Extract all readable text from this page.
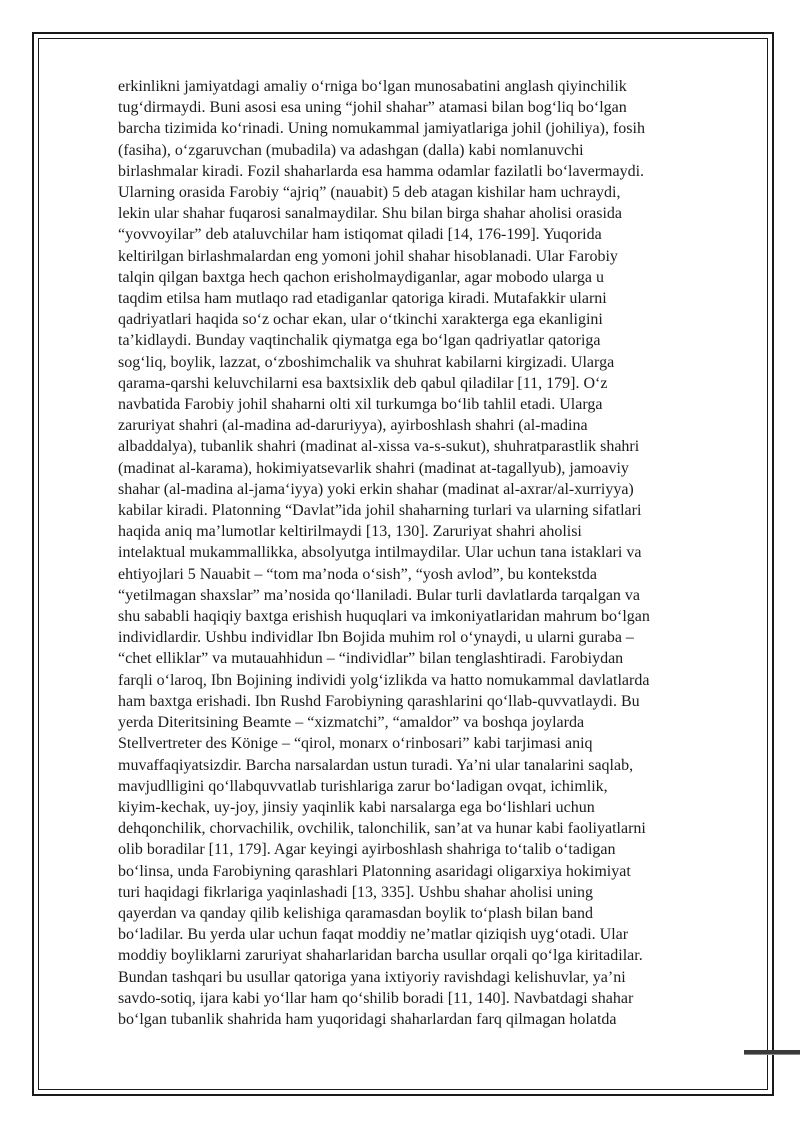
erkinlikni jamiyatdagi amaliy o‘rniga bo‘lgan munosabatini anglash qiyinchilik
tug‘dirmaydi. Buni asosi esa uning “johil shahar” atamasi bilan bog‘liq bo‘lgan
barcha tizimida ko‘rinadi. Uning nomukammal jamiyatlariga johil (johiliya), fosih
(fasiha), o‘zgaruvchan (mubadila) va adashgan (dalla) kabi nomlanuvchi
birlashmalar kiradi. Fozil shaharlarda esa hamma odamlar fazilatli bo‘lavermaydi.
Ularning orasida Farobiy “ajriq” (nauabit) 5 deb atagan kishilar ham uchraydi,
lekin ular shahar fuqarosi sanalmaydilar. Shu bilan birga shahar aholisi orasida
“yovvoyilar” deb ataluvchilar ham istiqomat qiladi [14, 176-199]. Yuqorida
keltirilgan birlashmalardan eng yomoni johil shahar hisoblanadi. Ular Farobiy
talqin qilgan baxtga hech qachon erisholmaydiganlar, agar mobodo ularga u
taqdim etilsa ham mutlaqo rad etadiganlar qatoriga kiradi. Mutafakkir ularni
qadriyatlari haqida so‘z ochar ekan, ular o‘tkinchi xarakterga ega ekanligini
ta’kidlaydi. Bunday vaqtinchalik qiymatga ega bo‘lgan qadriyatlar qatoriga
sog‘liq, boylik, lazzat, o‘zboshimchalik va shuhrat kabilarni kirgizadi. Ularga
qarama-qarshi keluvchilarni esa baxtsixlik deb qabul qiladilar [11, 179]. O‘z
navbatida Farobiy johil shaharni olti xil turkumga bo‘lib tahlil etadi. Ularga
zaruriyat shahri (al-madina ad-daruriyya), ayirboshlash shahri (al-madina
albaddalya), tubanlik shahri (madinat al-xissa va-s-sukut), shuhratparastlik shahri
(madinat al-karama), hokimiyatsevarlik shahri (madinat at-tagallyub), jamoaviy
shahar (al-madina al-jama‘iyya) yoki erkin shahar (madinat al-axrar/al-xurriyya)
kabilar kiradi. Platonning “Davlat”ida johil shaharning turlari va ularning sifatlari
haqida aniq ma’lumotlar keltirilmaydi [13, 130]. Zaruriyat shahri aholisi
intelaktual mukammallikka, absolyutga intilmaydilar. Ular uchun tana istaklari va
ehtiyojlari 5 Nauabit – “tom ma’noda o‘sish”, “yosh avlod”, bu kontekstda
“yetilmagan shaxslar” ma’nosida qo‘llaniladi. Bular turli davlatlarda tarqalgan va
shu sababli haqiqiy baxtga erishish huquqlari va imkoniyatlaridan mahrum bo‘lgan
individlardir. Ushbu individlar Ibn Bojida muhim rol o‘ynaydi, u ularni guraba –
“chet elliklar” va mutauahhidun – “individlar” bilan tenglashtiradi. Farobiydan
farqli o‘laroq, Ibn Bojining individi yolg‘izlikda va hatto nomukammal davlatlarda
ham baxtga erishadi. Ibn Rushd Farobiyning qarashlarini qo‘llab-quvvatlaydi. Bu
yerda Diteritsining Beamte – “xizmatchi”, “amaldor” va boshqa joylarda
Stellvertreter des Könige – “qirol, monarx o‘rinbosari” kabi tarjimasi aniq
muvaffaqiyatsizdir. Barcha narsalardan ustun turadi. Ya’ni ular tanalarini saqlab,
mavjudlligini qo‘llabquvvatlab turishlariga zarur bo‘ladigan ovqat, ichimlik,
kiyim-kechak, uy-joy, jinsiy yaqinlik kabi narsalarga ega bo‘lishlari uchun
dehqonchilik, chorvachilik, ovchilik, talonchilik, san’at va hunar kabi faoliyatlarni
olib boradilar [11, 179]. Agar keyingi ayirboshlash shahriga to‘talib o‘tadigan
bo‘linsa, unda Farobiyning qarashlari Platonning asaridagi oligarxiya hokimiyat
turi haqidagi fikrlariga yaqinlashadi [13, 335]. Ushbu shahar aholisi uning
qayerdan va qanday qilib kelishiga qaramasdan boylik to‘plash bilan band
bo‘ladilar. Bu yerda ular uchun faqat moddiy ne’matlar qiziqish uyg‘otadi. Ular
moddiy boyliklarni zaruriyat shaharlaridan barcha usullar orqali qo‘lga kiritadilar.
Bundan tashqari bu usullar qatoriga yana ixtiyoriy ravishdagi kelishuvlar, ya’ni
savdo-sotiq, ijara kabi yo‘llar ham qo‘shilib boradi [11, 140]. Navbatdagi shahar
bo‘lgan tubanlik shahrida ham yuqoridagi shaharlardan farq qilmagan holatda
